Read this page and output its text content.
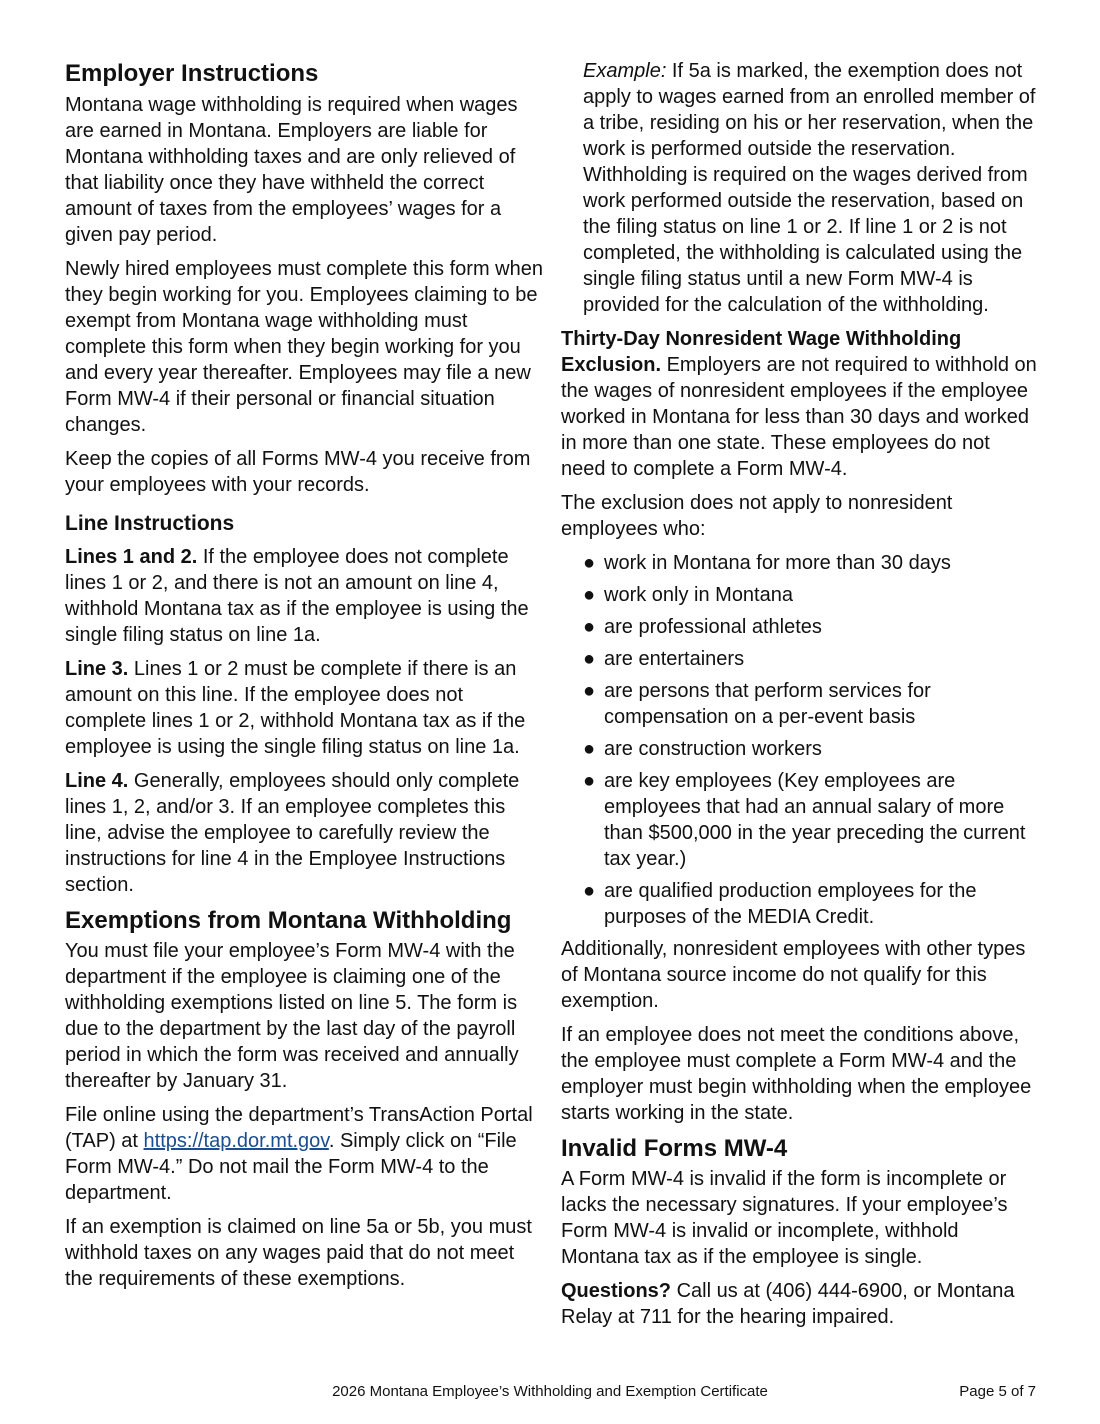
Employer Instructions

Montana wage withholding is required when wages are earned in Montana. Employers are liable for Montana withholding taxes and are only relieved of that liability once they have withheld the correct amount of taxes from the employees’ wages for a given pay period.

Newly hired employees must complete this form when they begin working for you. Employees claiming to be exempt from Montana wage withholding must complete this form when they begin working for you and every year thereafter. Employees may file a new Form MW-4 if their personal or financial situation changes.

Keep the copies of all Forms MW-4 you receive from your employees with your records.

Line Instructions

Lines 1 and 2. If the employee does not complete lines 1 or 2, and there is not an amount on line 4, withhold Montana tax as if the employee is using the single filing status on line 1a.

Line 3. Lines 1 or 2 must be complete if there is an amount on this line. If the employee does not complete lines 1 or 2, withhold Montana tax as if the employee is using the single filing status on line 1a.

Line 4. Generally, employees should only complete lines 1, 2, and/or 3. If an employee completes this line, advise the employee to carefully review the instructions for line 4 in the Employee Instructions section.

Exemptions from Montana Withholding

You must file your employee’s Form MW-4 with the department if the employee is claiming one of the withholding exemptions listed on line 5. The form is due to the department by the last day of the payroll period in which the form was received and annually thereafter by January 31.

File online using the department’s TransAction Portal (TAP) at https://tap.dor.mt.gov. Simply click on “File Form MW-4.” Do not mail the Form MW-4 to the department.

If an exemption is claimed on line 5a or 5b, you must withhold taxes on any wages paid that do not meet the requirements of these exemptions.

Example: If 5a is marked, the exemption does not apply to wages earned from an enrolled member of a tribe, residing on his or her reservation, when the work is performed outside the reservation. Withholding is required on the wages derived from work performed outside the reservation, based on the filing status on line 1 or 2. If line 1 or 2 is not completed, the withholding is calculated using the single filing status until a new Form MW-4 is provided for the calculation of the withholding.

Thirty-Day Nonresident Wage Withholding Exclusion. Employers are not required to withhold on the wages of nonresident employees if the employee worked in Montana for less than 30 days and worked in more than one state. These employees do not need to complete a Form MW-4.

The exclusion does not apply to nonresident employees who:

● work in Montana for more than 30 days
● work only in Montana
● are professional athletes
● are entertainers
● are persons that perform services for compensation on a per-event basis
● are construction workers
● are key employees (Key employees are employees that had an annual salary of more than $500,000 in the year preceding the current tax year.)
● are qualified production employees for the purposes of the MEDIA Credit.

Additionally, nonresident employees with other types of Montana source income do not qualify for this exemption.

If an employee does not meet the conditions above, the employee must complete a Form MW-4 and the employer must begin withholding when the employee starts working in the state.

Invalid Forms MW-4

A Form MW-4 is invalid if the form is incomplete or lacks the necessary signatures. If your employee’s Form MW-4 is invalid or incomplete, withhold Montana tax as if the employee is single.

Questions? Call us at (406) 444-6900, or Montana Relay at 711 for the hearing impaired.

2026 Montana Employee’s Withholding and Exemption Certificate	Page 5 of 7
